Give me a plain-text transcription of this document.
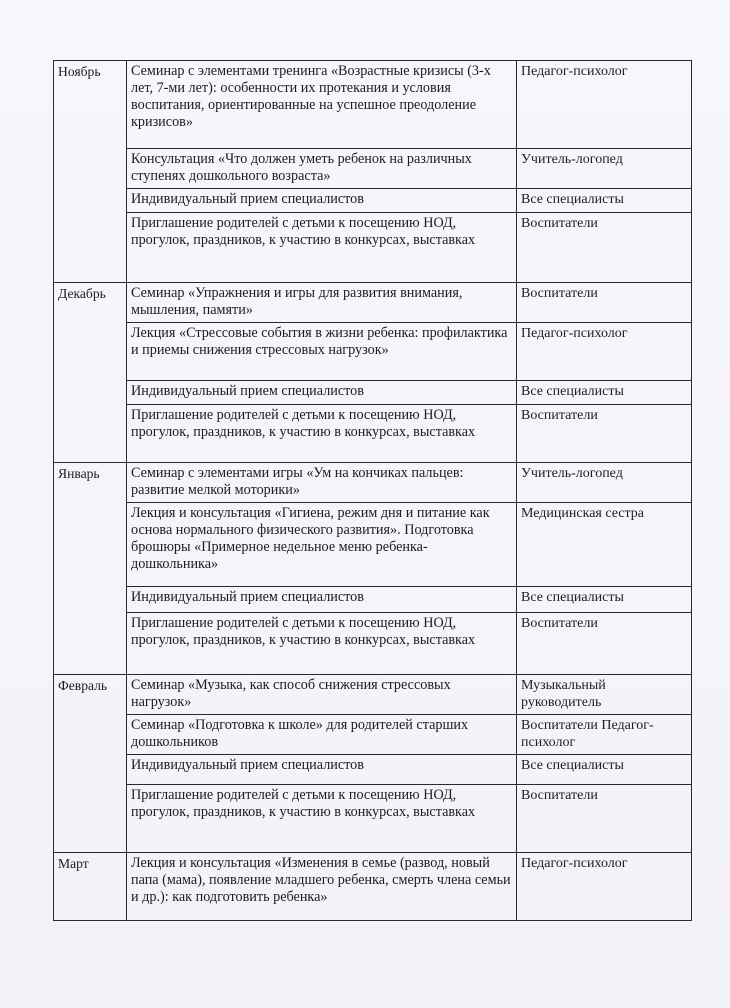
Ноябрь	Семинар с элементами тренинга «Возрастные кризисы (3-х лет, 7-ми лет): особенности их протекания и условия воспитания, ориентированные на успешное преодоление кризисов»	Педагог-психолог
	Консультация «Что должен уметь ребенок на различных ступенях дошкольного возраста»	Учитель-логопед
	Индивидуальный прием специалистов	Все специалисты
	Приглашение родителей с детьми к посещению НОД, прогулок, праздников, к участию в конкурсах, выставках	Воспитатели
Декабрь	Семинар «Упражнения и игры для развития внимания, мышления, памяти»	Воспитатели
	Лекция «Стрессовые события в жизни ребенка: профилактика и приемы снижения стрессовых нагрузок»	Педагог-психолог
	Индивидуальный прием специалистов	Все специалисты
	Приглашение родителей с детьми к посещению НОД, прогулок, праздников, к участию в конкурсах, выставках	Воспитатели
Январь	Семинар с элементами игры «Ум на кончиках пальцев: развитие мелкой моторики»	Учитель-логопед
	Лекция и консультация «Гигиена, режим дня и питание как основа нормального физического развития». Подготовка брошюры «Примерное недельное меню ребенка-дошкольника»	Медицинская сестра
	Индивидуальный прием специалистов	Все специалисты
	Приглашение родителей с детьми к посещению НОД, прогулок, праздников, к участию в конкурсах, выставках	Воспитатели
Февраль	Семинар «Музыка, как способ снижения стрессовых нагрузок»	Музыкальный руководитель
	Семинар «Подготовка к школе» для родителей старших дошкольников	Воспитатели Педагог-психолог
	Индивидуальный прием специалистов	Все специалисты
	Приглашение родителей с детьми к посещению НОД, прогулок, праздников, к участию в конкурсах, выставках	Воспитатели
Март	Лекция и консультация «Изменения в семье (развод, новый папа (мама), появление младшего ребенка, смерть члена семьи и др.): как подготовить ребенка»	Педагог-психолог
